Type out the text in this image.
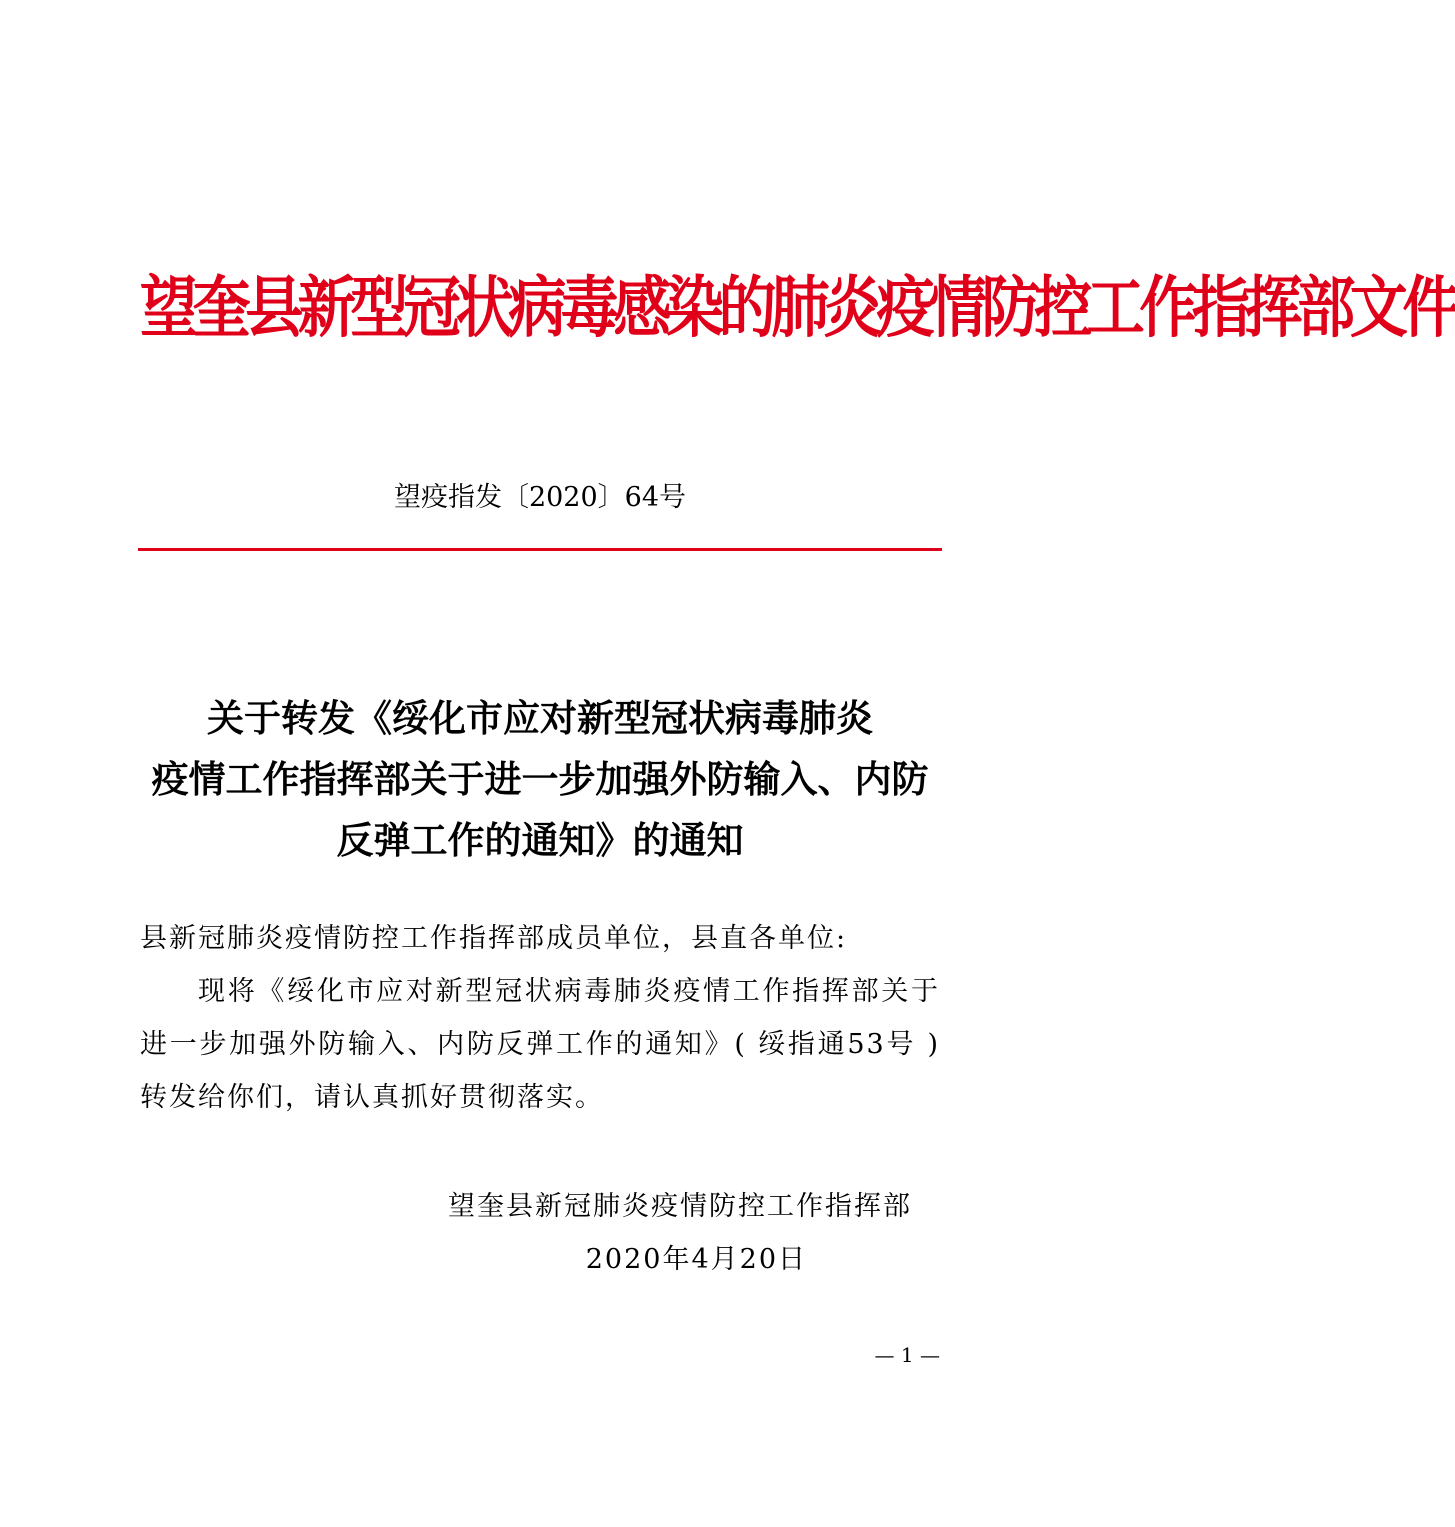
望奎县新型冠状病毒感染的肺炎疫情防控工作指挥部文件
望疫指发〔2020〕64号
关于转发《绥化市应对新型冠状病毒肺炎
疫情工作指挥部关于进一步加强外防输入、内防
反弹工作的通知》的通知
县新冠肺炎疫情防控工作指挥部成员单位，县直各单位:
现将《绥化市应对新型冠状病毒肺炎疫情工作指挥部关于进一步加强外防输入、内防反弹工作的通知》( 绥指通53号 ) 转发给你们，请认真抓好贯彻落实。
望奎县新冠肺炎疫情防控工作指挥部
2020年4月20日
— 1 —
